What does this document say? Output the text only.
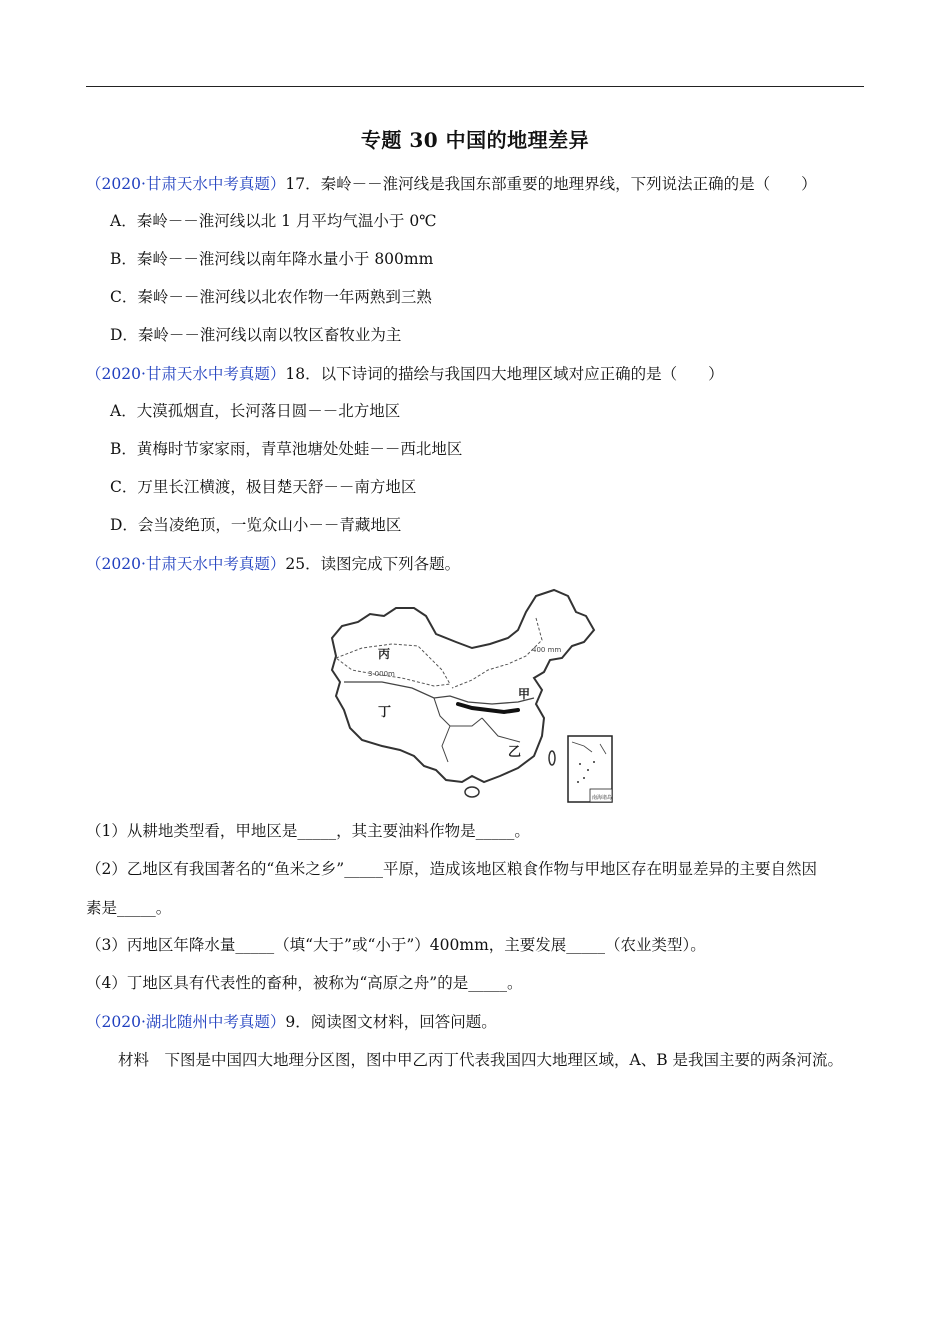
专题 30 中国的地理差异
（2020·甘肃天水中考真题）17．秦岭－－淮河线是我国东部重要的地理界线，下列说法正确的是（　　）
A．秦岭－－淮河线以北 1 月平均气温小于 0℃
B．秦岭－－淮河线以南年降水量小于 800mm
C．秦岭－－淮河线以北农作物一年两熟到三熟
D．秦岭－－淮河线以南以牧区畜牧业为主
（2020·甘肃天水中考真题）18．以下诗词的描绘与我国四大地理区域对应正确的是（　　）
A．大漠孤烟直，长河落日圆－－北方地区
B．黄梅时节家家雨，青草池塘处处蛙－－西北地区
C．万里长江横渡，极目楚天舒－－南方地区
D．会当凌绝顶，一览众山小－－青藏地区
（2020·甘肃天水中考真题）25．读图完成下列各题。
丙
3 000m
400 mm
甲
丁
乙
南海诸岛
（1）从耕地类型看，甲地区是_____，其主要油料作物是_____。
（2）乙地区有我国著名的“鱼米之乡”_____平原，造成该地区粮食作物与甲地区存在明显差异的主要自然因
素是_____。
（3）丙地区年降水量_____（填“大于”或“小于”）400mm，主要发展_____（农业类型）。
（4）丁地区具有代表性的畜种，被称为“高原之舟”的是_____。
（2020·湖北随州中考真题）9．阅读图文材料，回答问题。
材料　下图是中国四大地理分区图，图中甲乙丙丁代表我国四大地理区域，A、B 是我国主要的两条河流。
